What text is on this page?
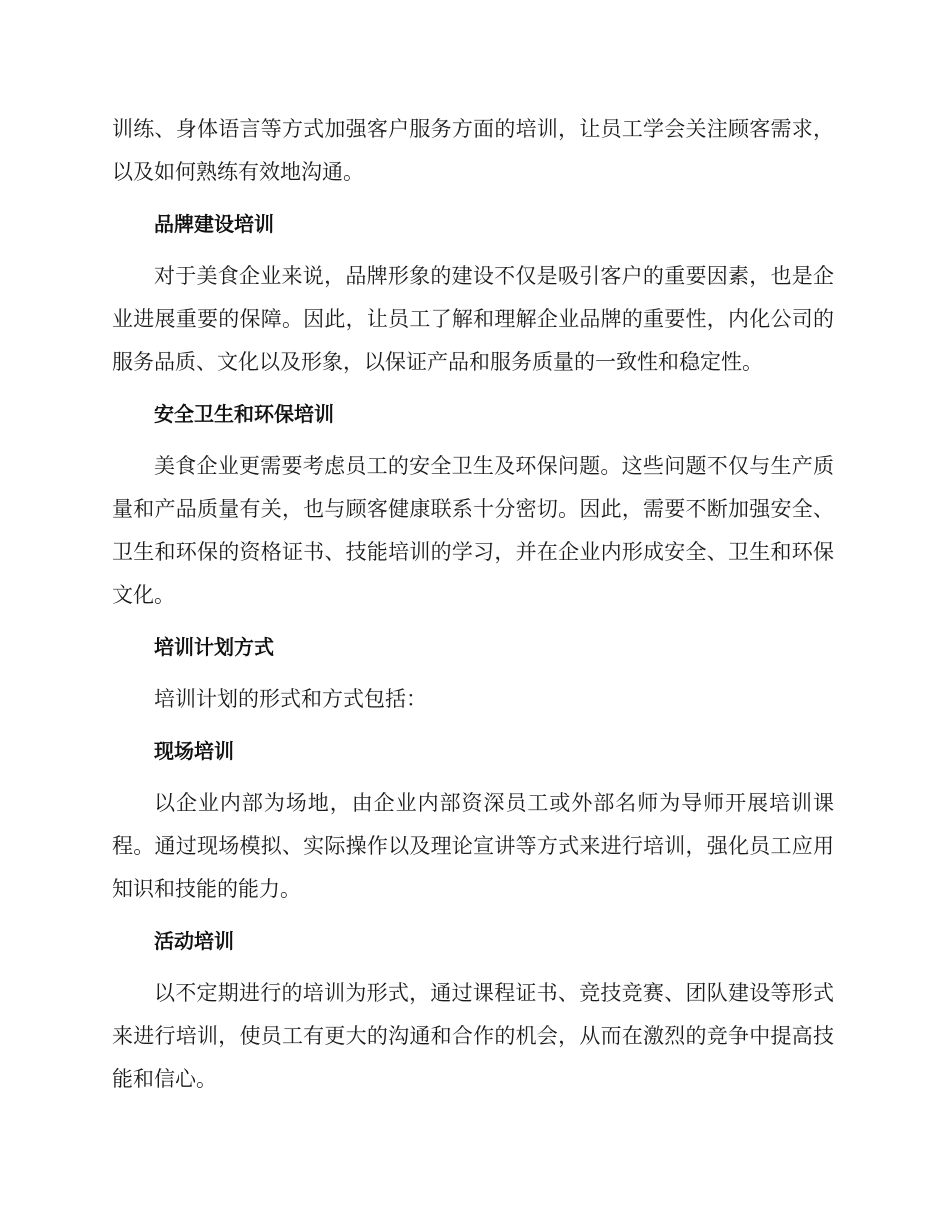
训练、身体语言等方式加强客户服务方面的培训，让员工学会关注顾客需求，以及如何熟练有效地沟通。

品牌建设培训

对于美食企业来说，品牌形象的建设不仅是吸引客户的重要因素，也是企业进展重要的保障。因此，让员工了解和理解企业品牌的重要性，内化公司的服务品质、文化以及形象，以保证产品和服务质量的一致性和稳定性。

安全卫生和环保培训

美食企业更需要考虑员工的安全卫生及环保问题。这些问题不仅与生产质量和产品质量有关，也与顾客健康联系十分密切。因此，需要不断加强安全、卫生和环保的资格证书、技能培训的学习，并在企业内形成安全、卫生和环保文化。

培训计划方式

培训计划的形式和方式包括：

现场培训

以企业内部为场地，由企业内部资深员工或外部名师为导师开展培训课程。通过现场模拟、实际操作以及理论宣讲等方式来进行培训，强化员工应用知识和技能的能力。

活动培训

以不定期进行的培训为形式，通过课程证书、竞技竞赛、团队建设等形式来进行培训，使员工有更大的沟通和合作的机会，从而在激烈的竞争中提高技能和信心。
